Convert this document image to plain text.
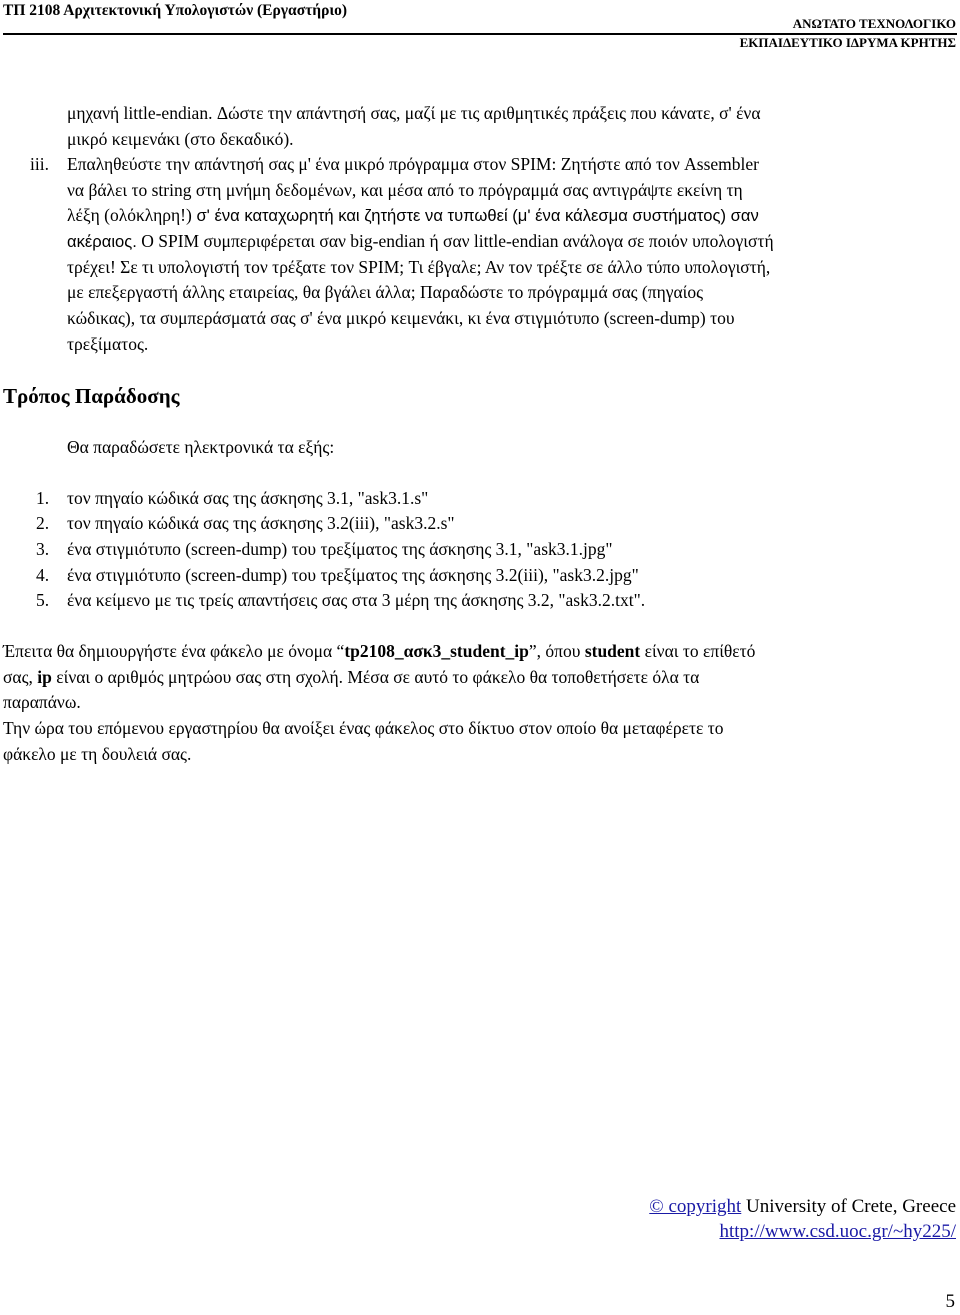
ΤΠ 2108 Αρχιτεκτονική Υπολογιστών (Εργαστήριο)
ΑΝΩΤΑΤΟ ΤΕΧΝΟΛΟΓΙΚΟ
ΕΚΠΑΙΔΕΥΤΙΚΟ ΙΔΡΥΜΑ ΚΡΗΤΗΣ
μηχανή little-endian. Δώστε την απάντησή σας, μαζί με τις αριθμητικές πράξεις που κάνατε, σ' ένα
μικρό κειμενάκι (στο δεκαδικό).
iii. Επαληθεύστε την απάντησή σας μ' ένα μικρό πρόγραμμα στον SPIM: Ζητήστε από τον Assembler
να βάλει το string στη μνήμη δεδομένων, και μέσα από το πρόγραμμά σας αντιγράψτε εκείνη τη
λέξη (ολόκληρη!) σ' ένα καταχωρητή και ζητήστε να τυπωθεί (μ' ένα κάλεσμα συστήματος) σαν
ακέραιος. Ο SPIM συμπεριφέρεται σαν big-endian ή σαν little-endian ανάλογα σε ποιόν υπολογιστή
τρέχει! Σε τι υπολογιστή τον τρέξατε τον SPIM; Τι έβγαλε; Αν τον τρέξτε σε άλλο τύπο υπολογιστή,
με επεξεργαστή άλλης εταιρείας, θα βγάλει άλλα; Παραδώστε το πρόγραμμά σας (πηγαίος
κώδικας), τα συμπεράσματά σας σ' ένα μικρό κειμενάκι, κι ένα στιγμιότυπο (screen-dump) του
τρεξίματος.
Τρόπος Παράδοσης
Θα παραδώσετε ηλεκτρονικά τα εξής:
1. τον πηγαίο κώδικά σας της άσκησης 3.1, "ask3.1.s"
2. τον πηγαίο κώδικά σας της άσκησης 3.2(iii), "ask3.2.s"
3. ένα στιγμιότυπο (screen-dump) του τρεξίματος της άσκησης 3.1, "ask3.1.jpg"
4. ένα στιγμιότυπο (screen-dump) του τρεξίματος της άσκησης 3.2(iii), "ask3.2.jpg"
5. ένα κείμενο με τις τρείς απαντήσεις σας στα 3 μέρη της άσκησης 3.2, "ask3.2.txt".
Έπειτα θα δημιουργήστε ένα φάκελο με όνομα “tp2108_ασκ3_student_ip”, όπου student είναι το επίθετό
σας, ip είναι ο αριθμός μητρώου σας στη σχολή. Μέσα σε αυτό το φάκελο θα τοποθετήσετε όλα τα
παραπάνω.
Την ώρα του επόμενου εργαστηρίου θα ανοίξει ένας φάκελος στο δίκτυο στον οποίο θα μεταφέρετε το
φάκελο με τη δουλειά σας.
© copyright University of Crete, Greece
http://www.csd.uoc.gr/~hy225/
5
